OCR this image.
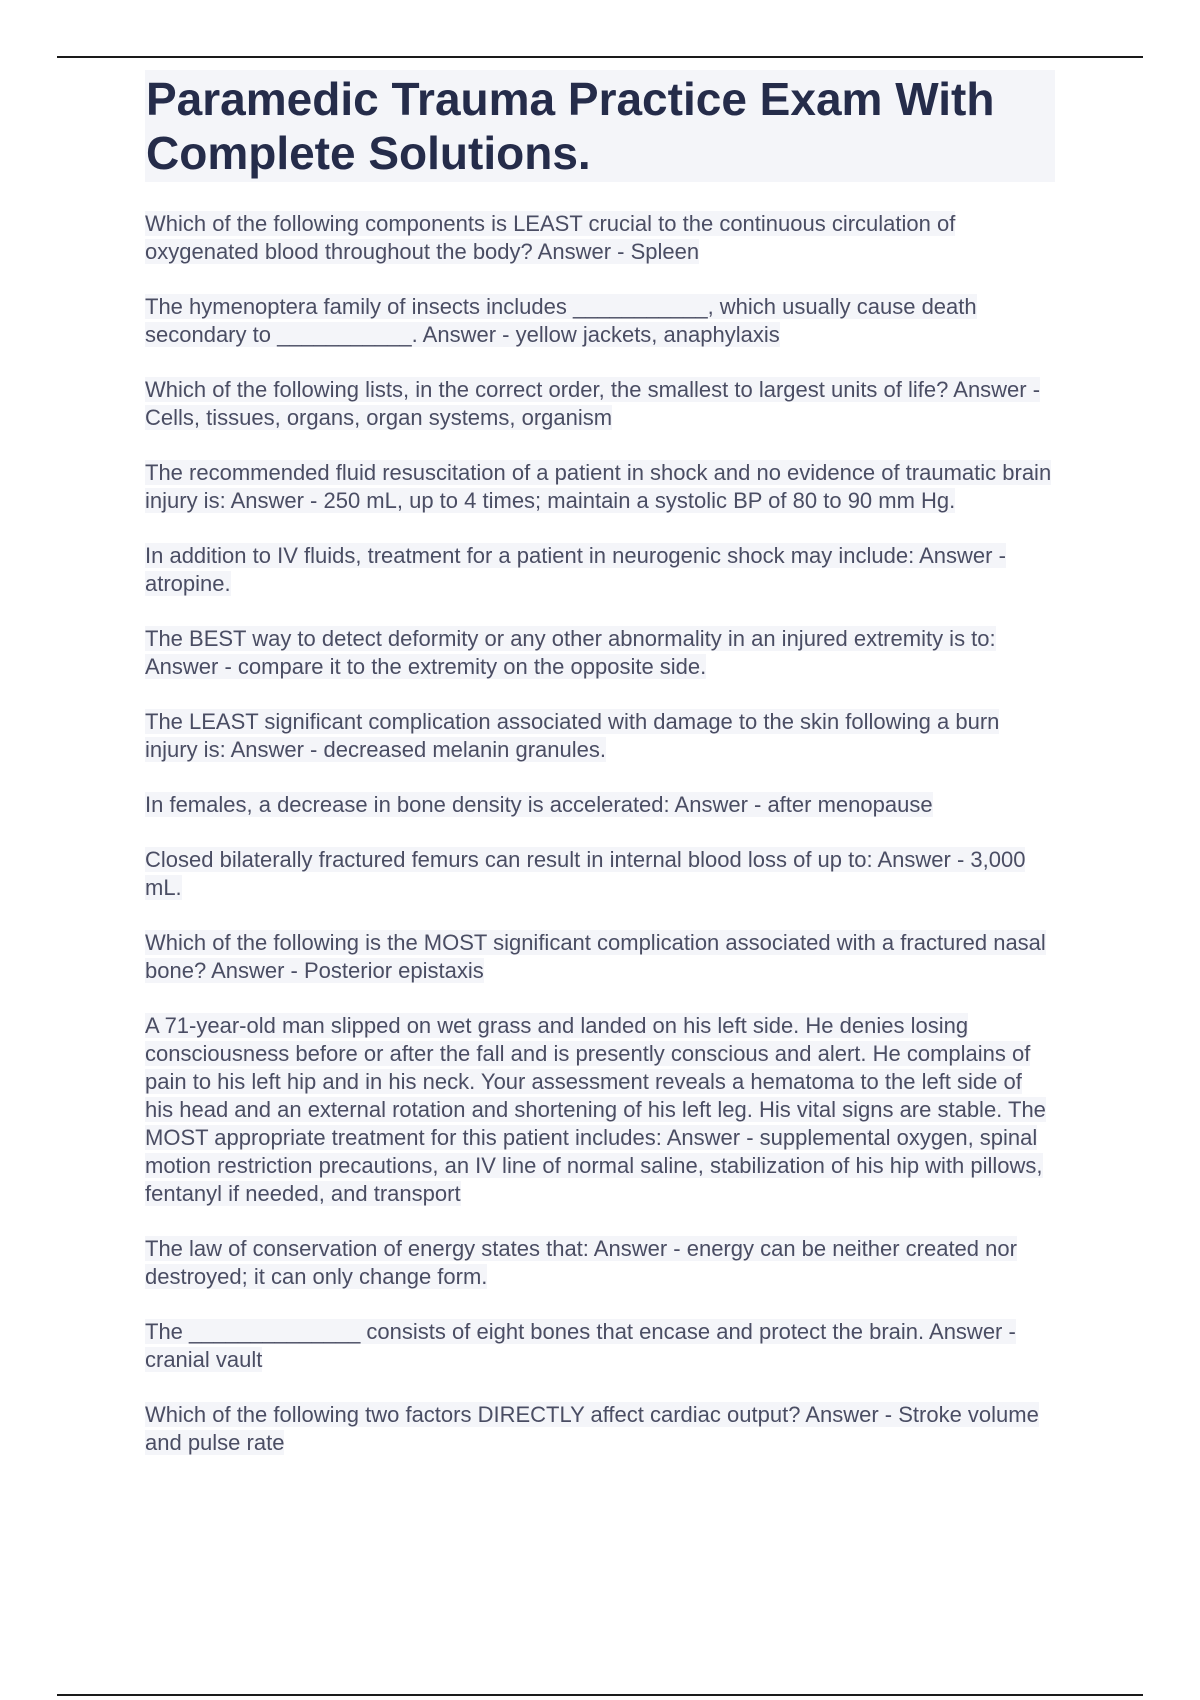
Paramedic Trauma Practice Exam With Complete Solutions.
Which of the following components is LEAST crucial to the continuous circulation of oxygenated blood throughout the body? Answer - Spleen
The hymenoptera family of insects includes ___________, which usually cause death secondary to ___________. Answer - yellow jackets, anaphylaxis
Which of the following lists, in the correct order, the smallest to largest units of life? Answer - Cells, tissues, organs, organ systems, organism
The recommended fluid resuscitation of a patient in shock and no evidence of traumatic brain injury is: Answer - 250 mL, up to 4 times; maintain a systolic BP of 80 to 90 mm Hg.
In addition to IV fluids, treatment for a patient in neurogenic shock may include: Answer - atropine.
The BEST way to detect deformity or any other abnormality in an injured extremity is to: Answer - compare it to the extremity on the opposite side.
The LEAST significant complication associated with damage to the skin following a burn injury is: Answer - decreased melanin granules.
In females, a decrease in bone density is accelerated: Answer - after menopause
Closed bilaterally fractured femurs can result in internal blood loss of up to: Answer - 3,000 mL.
Which of the following is the MOST significant complication associated with a fractured nasal bone? Answer - Posterior epistaxis
A 71-year-old man slipped on wet grass and landed on his left side. He denies losing consciousness before or after the fall and is presently conscious and alert. He complains of pain to his left hip and in his neck. Your assessment reveals a hematoma to the left side of his head and an external rotation and shortening of his left leg. His vital signs are stable. The MOST appropriate treatment for this patient includes: Answer - supplemental oxygen, spinal motion restriction precautions, an IV line of normal saline, stabilization of his hip with pillows, fentanyl if needed, and transport
The law of conservation of energy states that: Answer - energy can be neither created nor destroyed; it can only change form.
The ______________ consists of eight bones that encase and protect the brain. Answer - cranial vault
Which of the following two factors DIRECTLY affect cardiac output? Answer - Stroke volume and pulse rate
